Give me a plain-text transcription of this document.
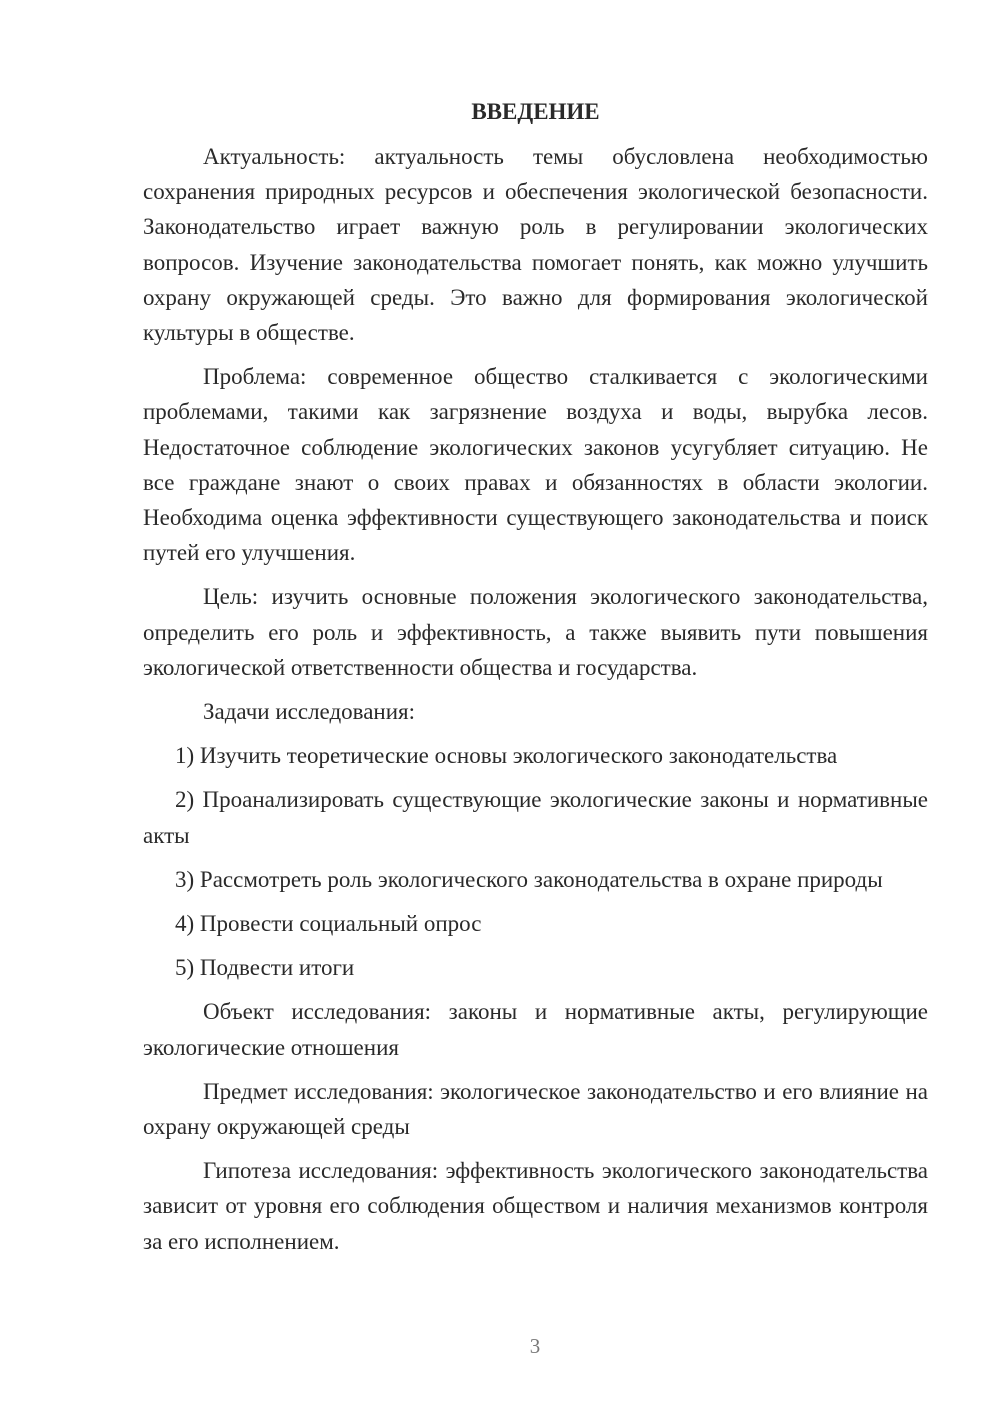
ВВЕДЕНИЕ

Актуальность: актуальность темы обусловлена необходимостью сохранения природных ресурсов и обеспечения экологической безопасности. Законодательство играет важную роль в регулировании экологических вопросов. Изучение законодательства помогает понять, как можно улучшить охрану окружающей среды. Это важно для формирования экологической культуры в обществе.

Проблема: современное общество сталкивается с экологическими проблемами, такими как загрязнение воздуха и воды, вырубка лесов. Недостаточное соблюдение экологических законов усугубляет ситуацию. Не все граждане знают о своих правах и обязанностях в области экологии. Необходима оценка эффективности существующего законодательства и поиск путей его улучшения.

Цель: изучить основные положения экологического законодательства, определить его роль и эффективность, а также выявить пути повышения экологической ответственности общества и государства.

Задачи исследования:

1) Изучить теоретические основы экологического законодательства

2) Проанализировать существующие экологические законы и нормативные акты

3) Рассмотреть роль экологического законодательства в охране природы

4) Провести социальный опрос

5) Подвести итоги

Объект исследования: законы и нормативные акты, регулирующие экологические отношения

Предмет исследования: экологическое законодательство и его влияние на охрану окружающей среды

Гипотеза исследования: эффективность экологического законодательства зависит от уровня его соблюдения обществом и наличия механизмов контроля за его исполнением.

3
